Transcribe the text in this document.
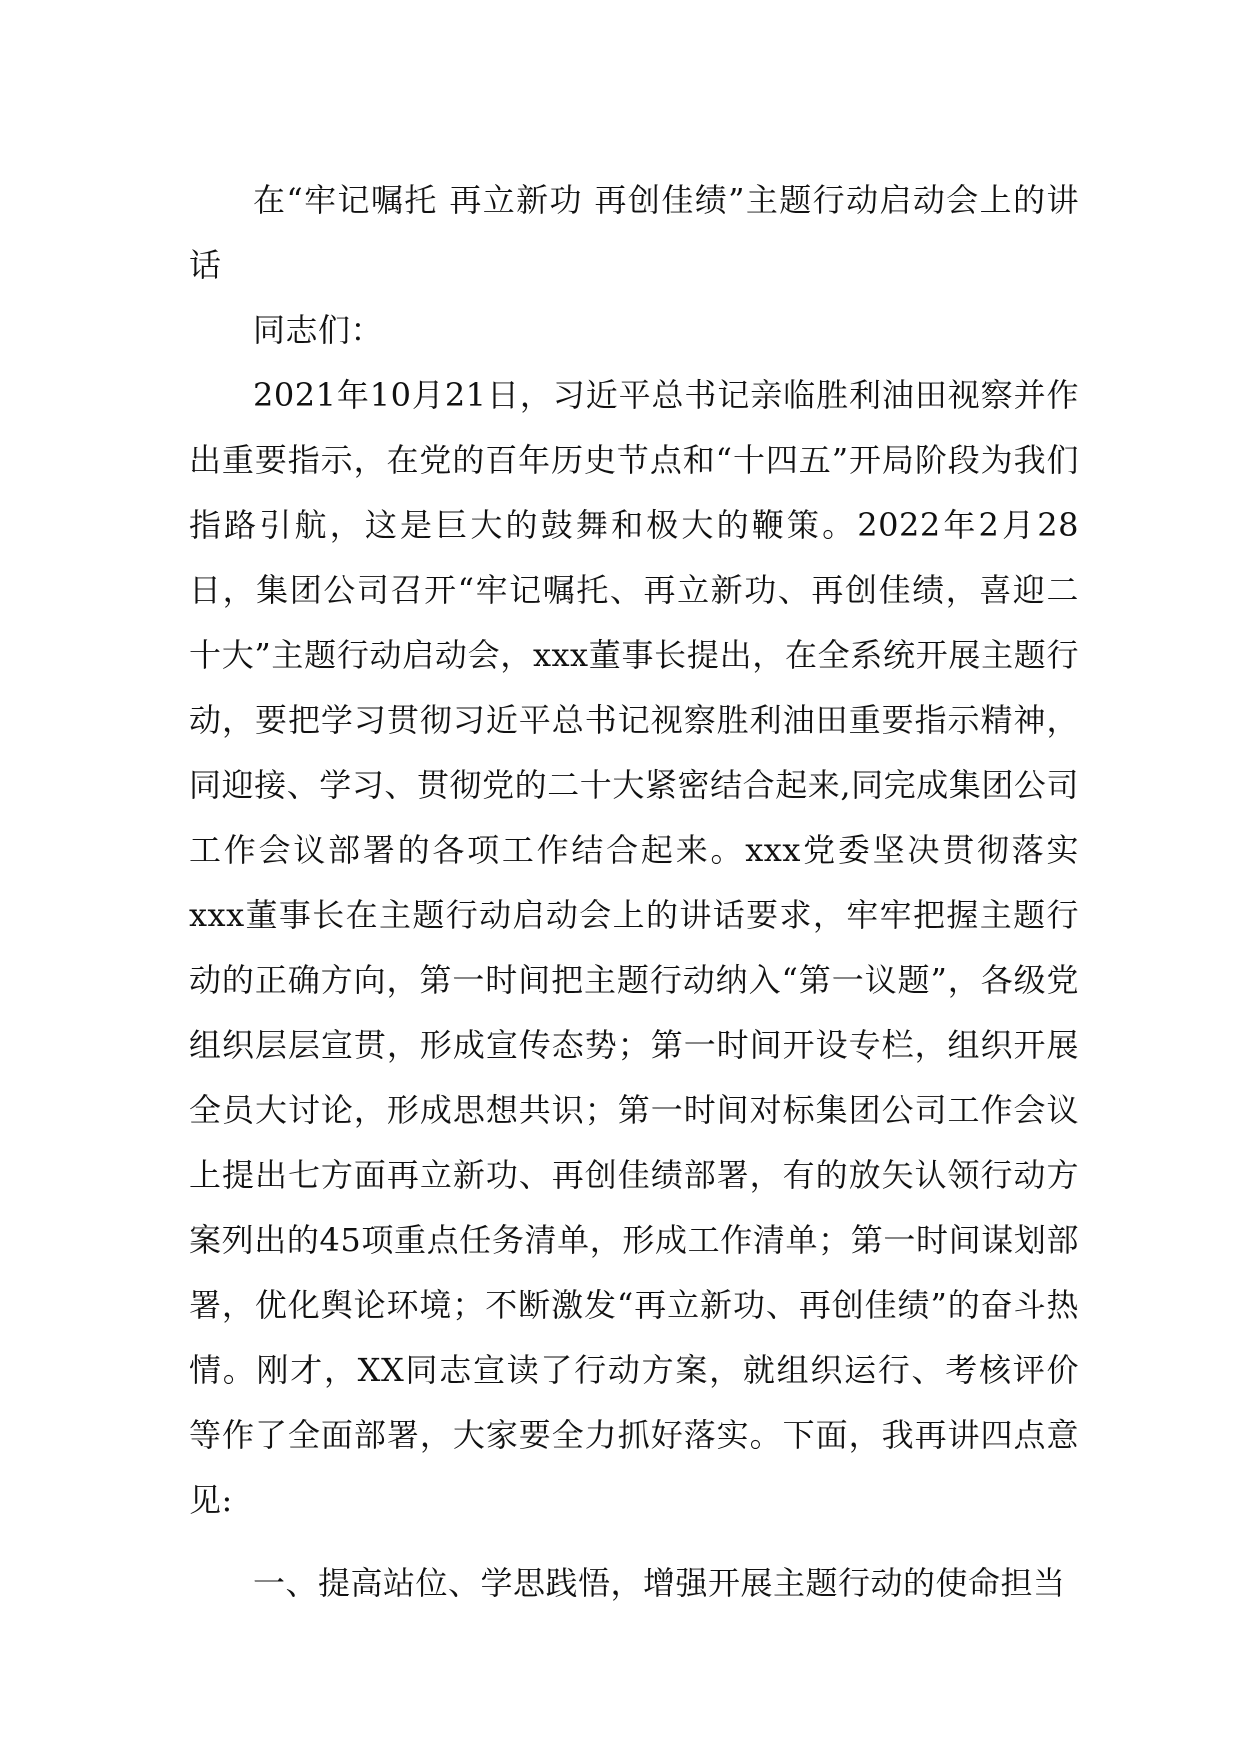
在“牢记嘱托 再立新功 再创佳绩”主题行动启动会上的讲话

同志们：

2021年10月21日，习近平总书记亲临胜利油田视察并作出重要指示，在党的百年历史节点和“十四五”开局阶段为我们指路引航，这是巨大的鼓舞和极大的鞭策。2022年2月28日，集团公司召开“牢记嘱托、再立新功、再创佳绩，喜迎二十大”主题行动启动会，xxx董事长提出，在全系统开展主题行动，要把学习贯彻习近平总书记视察胜利油田重要指示精神，同迎接、学习、贯彻党的二十大紧密结合起来,同完成集团公司工作会议部署的各项工作结合起来。xxx党委坚决贯彻落实xxx董事长在主题行动启动会上的讲话要求，牢牢把握主题行动的正确方向，第一时间把主题行动纳入“第一议题”，各级党组织层层宣贯，形成宣传态势；第一时间开设专栏，组织开展全员大讨论，形成思想共识；第一时间对标集团公司工作会议上提出七方面再立新功、再创佳绩部署，有的放矢认领行动方案列出的45项重点任务清单，形成工作清单；第一时间谋划部署，优化舆论环境；不断激发“再立新功、再创佳绩”的奋斗热情。刚才，XX同志宣读了行动方案，就组织运行、考核评价等作了全面部署，大家要全力抓好落实。下面，我再讲四点意见:

一、提高站位、学思践悟，增强开展主题行动的使命担当
